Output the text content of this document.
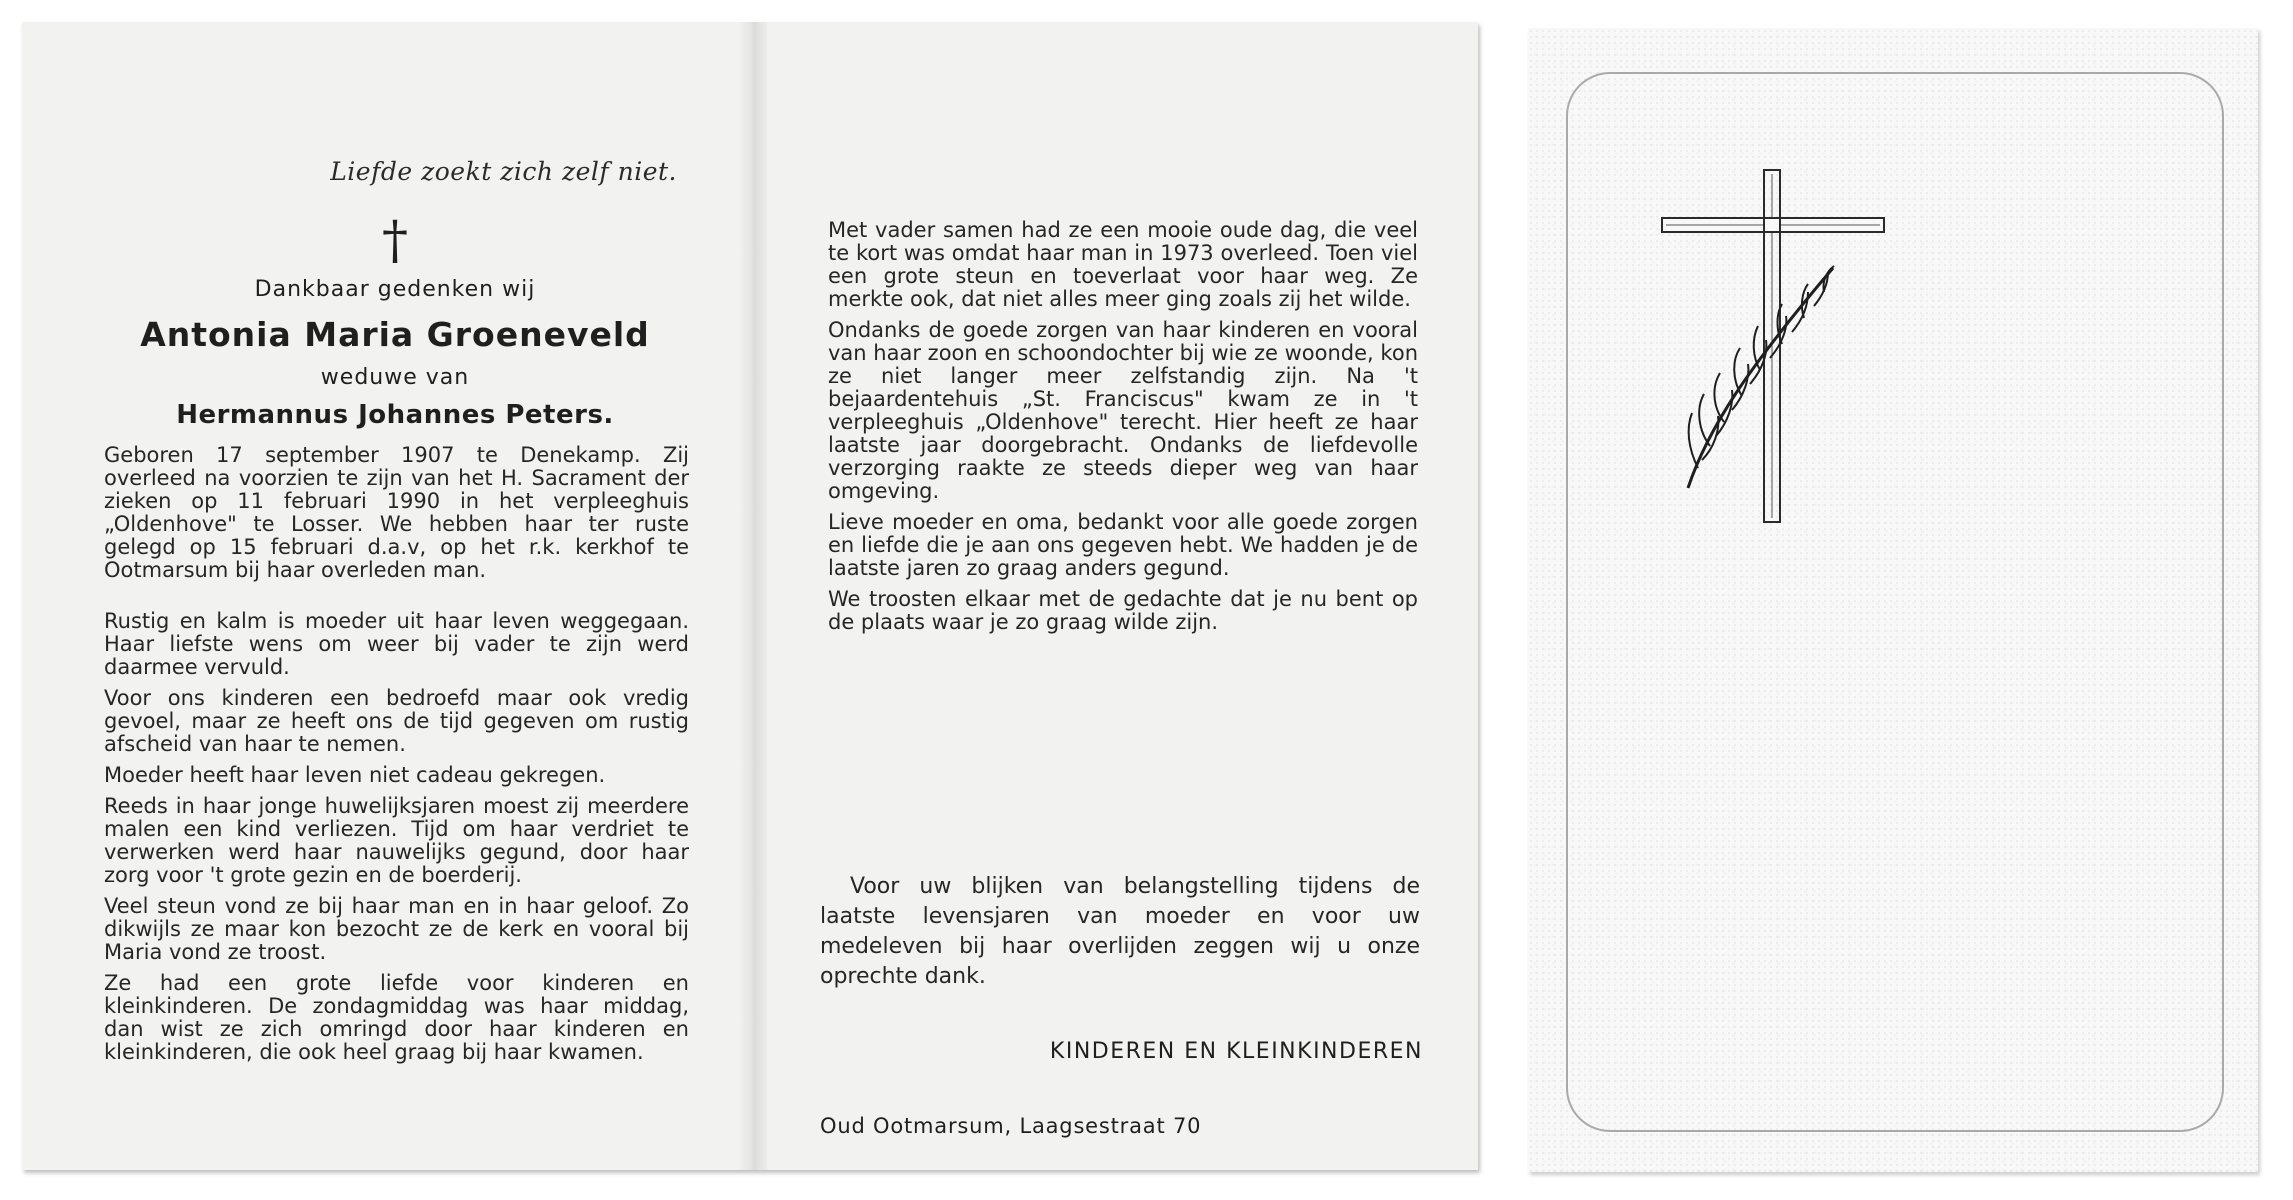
Liefde zoekt zich zelf niet.
†
Dankbaar gedenken wij
Antonia Maria Groeneveld
weduwe van
Hermannus Johannes Peters.

Geboren 17 september 1907 te Denekamp. Zij overleed na voorzien te zijn van het H. Sacrament der zieken op 11 februari 1990 in het verpleeghuis „Oldenhove" te Losser. We hebben haar ter ruste gelegd op 15 februari d.a.v, op het r.k. kerkhof te Ootmarsum bij haar overleden man.

Rustig en kalm is moeder uit haar leven weggegaan. Haar liefste wens om weer bij vader te zijn werd daarmee vervuld.

Voor ons kinderen een bedroefd maar ook vredig gevoel, maar ze heeft ons de tijd gegeven om rustig afscheid van haar te nemen.

Moeder heeft haar leven niet cadeau gekregen.

Reeds in haar jonge huwelijksjaren moest zij meerdere malen een kind verliezen. Tijd om haar verdriet te verwerken werd haar nauwelijks gegund, door haar zorg voor 't grote gezin en de boerderij.

Veel steun vond ze bij haar man en in haar geloof. Zo dikwijls ze maar kon bezocht ze de kerk en vooral bij Maria vond ze troost.

Ze had een grote liefde voor kinderen en kleinkinderen. De zondagmiddag was haar middag, dan wist ze zich omringd door haar kinderen en kleinkinderen, die ook heel graag bij haar kwamen.

Met vader samen had ze een mooie oude dag, die veel te kort was omdat haar man in 1973 overleed. Toen viel een grote steun en toeverlaat voor haar weg. Ze merkte ook, dat niet alles meer ging zoals zij het wilde.

Ondanks de goede zorgen van haar kinderen en vooral van haar zoon en schoondochter bij wie ze woonde, kon ze niet langer meer zelfstandig zijn. Na 't bejaardentehuis „St. Franciscus" kwam ze in 't verpleeghuis „Oldenhove" terecht. Hier heeft ze haar laatste jaar doorgebracht. Ondanks de liefdevolle verzorging raakte ze steeds dieper weg van haar omgeving.

Lieve moeder en oma, bedankt voor alle goede zorgen en liefde die je aan ons gegeven hebt. We hadden je de laatste jaren zo graag anders gegund.

We troosten elkaar met de gedachte dat je nu bent op de plaats waar je zo graag wilde zijn.

Voor uw blijken van belangstelling tijdens de laatste levensjaren van moeder en voor uw medeleven bij haar overlijden zeggen wij u onze oprechte dank.
KINDEREN EN KLEINKINDEREN
Oud Ootmarsum, Laagsestraat 70
